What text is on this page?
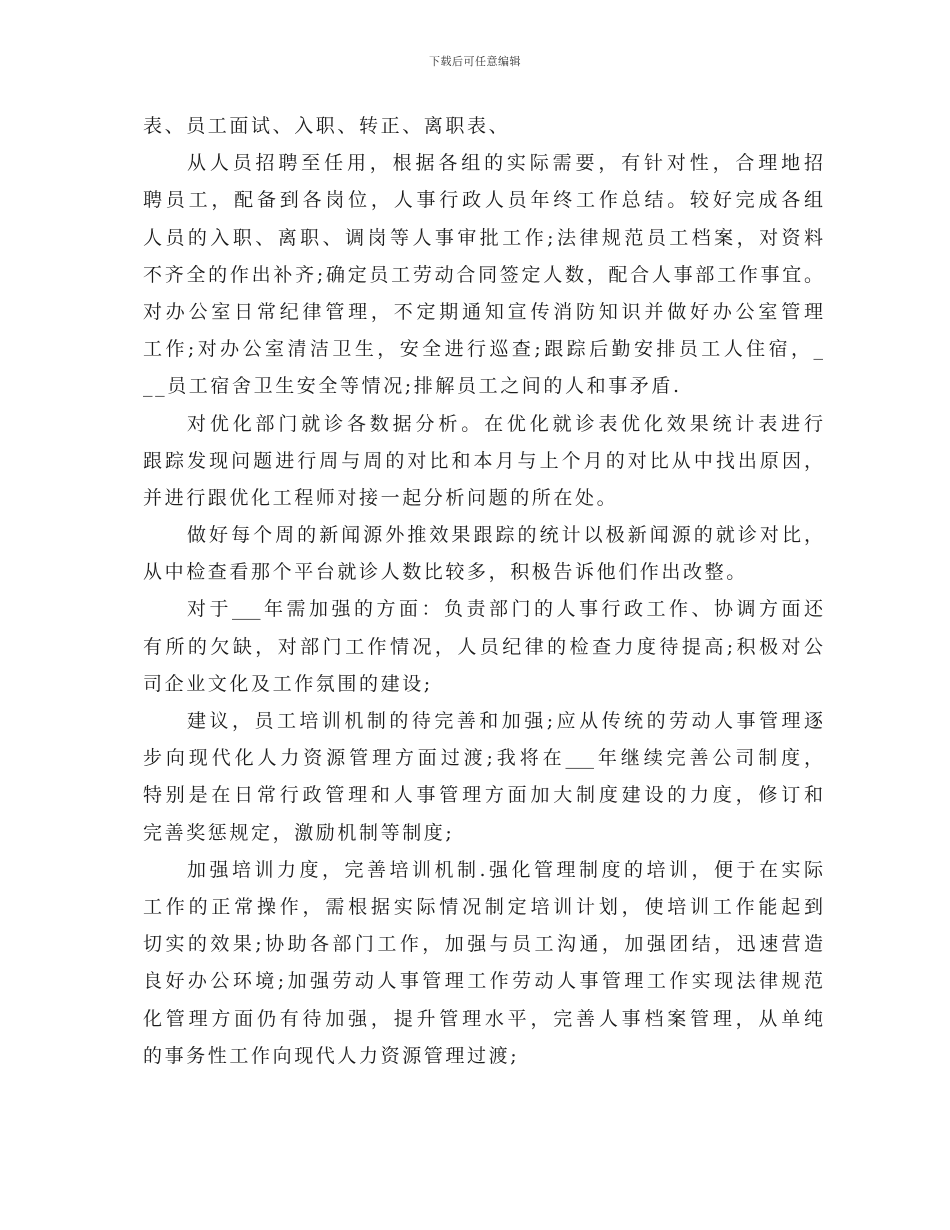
下载后可任意编辑
表、员工面试、入职、转正、离职表、
从人员招聘至任用，根据各组的实际需要，有针对性，合理地招
聘员工，配备到各岗位，人事行政人员年终工作总结。较好完成各组
人员的入职、离职、调岗等人事审批工作;法律规范员工档案，对资料
不齐全的作出补齐;确定员工劳动合同签定人数，配合人事部工作事宜。
对办公室日常纪律管理，不定期通知宣传消防知识并做好办公室管理
工作;对办公室清洁卫生，安全进行巡查;跟踪后勤安排员工人住宿，_
__员工宿舍卫生安全等情况;排解员工之间的人和事矛盾.
对优化部门就诊各数据分析。在优化就诊表优化效果统计表进行
跟踪发现问题进行周与周的对比和本月与上个月的对比从中找出原因，
并进行跟优化工程师对接一起分析问题的所在处。
做好每个周的新闻源外推效果跟踪的统计以极新闻源的就诊对比，
从中检查看那个平台就诊人数比较多，积极告诉他们作出改整。
对于___年需加强的方面：负责部门的人事行政工作、协调方面还
有所的欠缺，对部门工作情况，人员纪律的检查力度待提高;积极对公
司企业文化及工作氛围的建设;
建议，员工培训机制的待完善和加强;应从传统的劳动人事管理逐
步向现代化人力资源管理方面过渡;我将在___年继续完善公司制度，
特别是在日常行政管理和人事管理方面加大制度建设的力度，修订和
完善奖惩规定，激励机制等制度;
加强培训力度，完善培训机制.强化管理制度的培训，便于在实际
工作的正常操作，需根据实际情况制定培训计划，使培训工作能起到
切实的效果;协助各部门工作，加强与员工沟通，加强团结，迅速营造
良好办公环境;加强劳动人事管理工作劳动人事管理工作实现法律规范
化管理方面仍有待加强，提升管理水平，完善人事档案管理，从单纯
的事务性工作向现代人力资源管理过渡;
